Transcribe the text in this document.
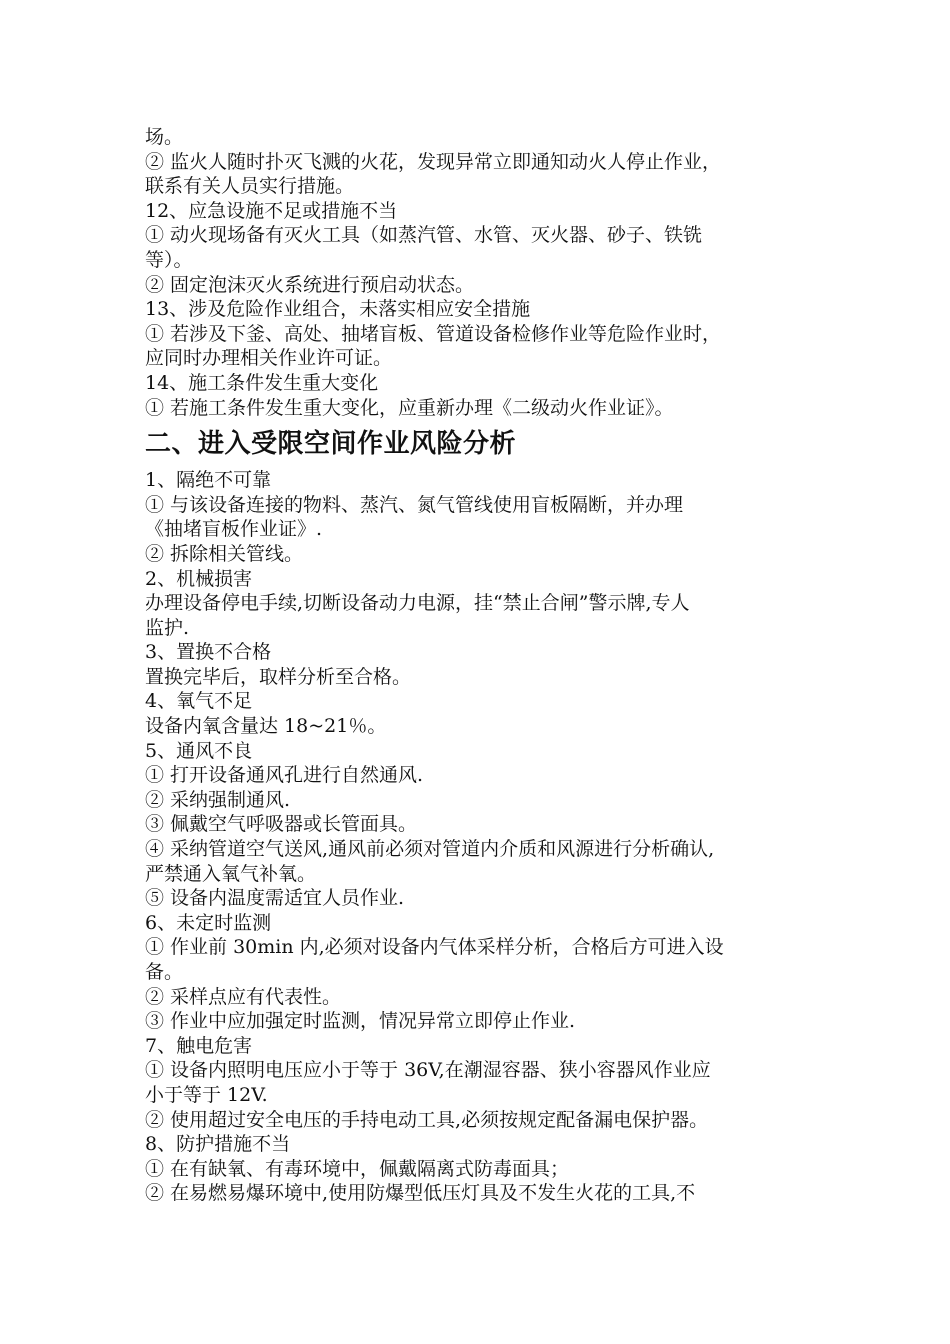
场。

② 监火人随时扑灭飞溅的火花，发现异常立即通知动火人停止作业，

联系有关人员实行措施。

12、应急设施不足或措施不当

① 动火现场备有灭火工具（如蒸汽管、水管、灭火器、砂子、铁铣

等）。

② 固定泡沫灭火系统进行预启动状态。

13、涉及危险作业组合，未落实相应安全措施

① 若涉及下釜、高处、抽堵盲板、管道设备检修作业等危险作业时，

应同时办理相关作业许可证。

14、施工条件发生重大变化

① 若施工条件发生重大变化，应重新办理《二级动火作业证》。

二、进入受限空间作业风险分析

1、隔绝不可靠

① 与该设备连接的物料、蒸汽、氮气管线使用盲板隔断，并办理

《抽堵盲板作业证》.

② 拆除相关管线。

2、机械损害

办理设备停电手续,切断设备动力电源，挂“禁止合闸”警示牌,专人

监护.

3、置换不合格

置换完毕后，取样分析至合格。

4、氧气不足

设备内氧含量达 18~21％。

5、通风不良

① 打开设备通风孔进行自然通风.

② 采纳强制通风.

③ 佩戴空气呼吸器或长管面具。

④ 采纳管道空气送风,通风前必须对管道内介质和风源进行分析确认,

严禁通入氧气补氧。

⑤ 设备内温度需适宜人员作业.

6、未定时监测

① 作业前 30min 内,必须对设备内气体采样分析，合格后方可进入设

备。

② 采样点应有代表性。

③ 作业中应加强定时监测，情况异常立即停止作业.

7、触电危害

① 设备内照明电压应小于等于 36V,在潮湿容器、狭小容器风作业应

小于等于 12V.

② 使用超过安全电压的手持电动工具,必须按规定配备漏电保护器。

8、防护措施不当

① 在有缺氧、有毒环境中，佩戴隔离式防毒面具；

② 在易燃易爆环境中,使用防爆型低压灯具及不发生火花的工具,不
